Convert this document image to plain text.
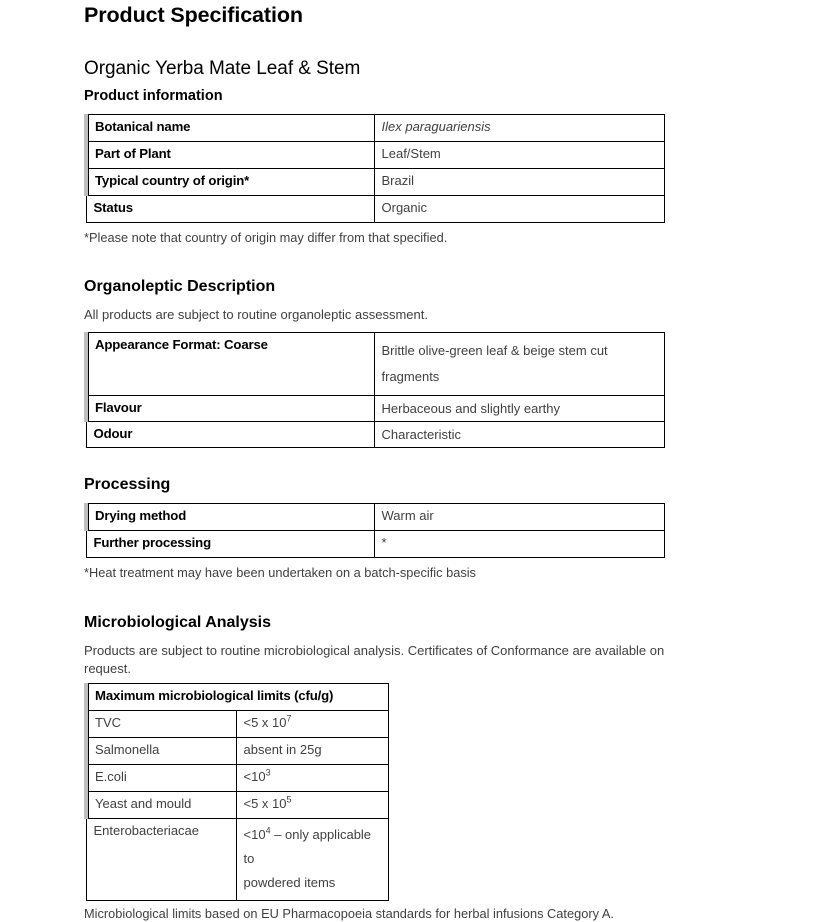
Product Specification
Organic Yerba Mate Leaf & Stem
Product information
Botanical name	Ilex paraguariensis
Part of Plant	Leaf/Stem
Typical country of origin*	Brazil
Status	Organic

*Please note that country of origin may differ from that specified.

Organoleptic Description

All products are subject to routine organoleptic assessment.

Appearance Format: Coarse	Brittle olive-green leaf & beige stem cut
fragments

Flavour	Herbaceous and slightly earthy
Odour	Characteristic
Processing
Drying method	Warm air
Further processing	*

*Heat treatment may have been undertaken on a batch-specific basis

Microbiological Analysis

Products are subject to routine microbiological analysis. Certificates of Conformance are available on request.

Maximum microbiological limits (cfu/g)	
TVC	<5 x $10^7$
Salmonella	absent in 25g
E.coli	$<10^3$
Yeast and mould	<5 x $10^5$
Enterobacteriacae	$<10^4$ – only applicable to
powdered items

Microbiological limits based on EU Pharmacopoeia standards for herbal infusions Category A.
